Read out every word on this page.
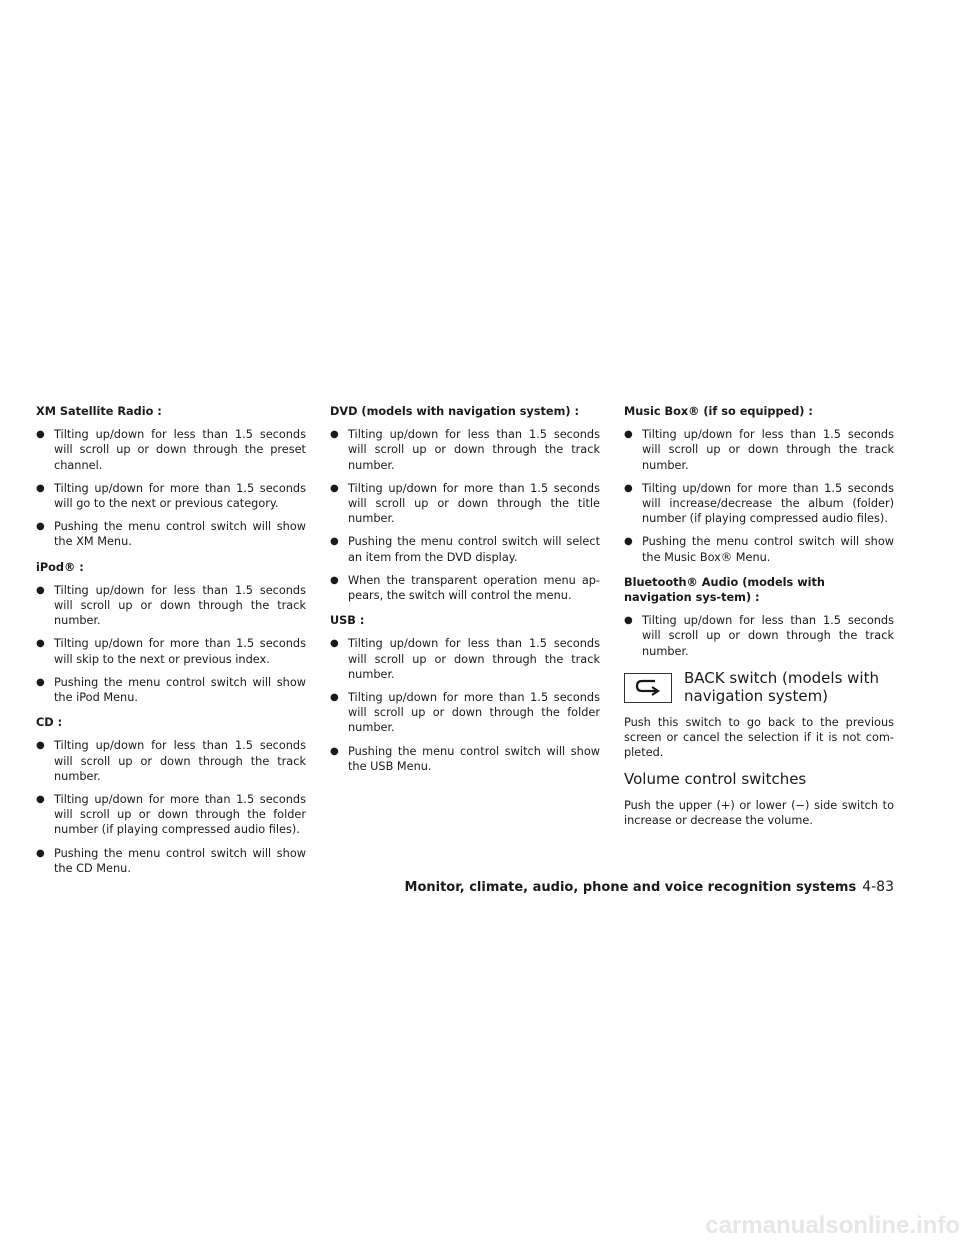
XM Satellite Radio :
● Tilting up/down for less than 1.5 seconds will scroll up or down through the preset channel.
● Tilting up/down for more than 1.5 seconds will go to the next or previous category.
● Pushing the menu control switch will show the XM Menu.
iPod® :
● Tilting up/down for less than 1.5 seconds will scroll up or down through the track number.
● Tilting up/down for more than 1.5 seconds will skip to the next or previous index.
● Pushing the menu control switch will show the iPod Menu.
CD :
● Tilting up/down for less than 1.5 seconds will scroll up or down through the track number.
● Tilting up/down for more than 1.5 seconds will scroll up or down through the folder number (if playing compressed audio files).
● Pushing the menu control switch will show the CD Menu.
DVD (models with navigation system) :
● Tilting up/down for less than 1.5 seconds will scroll up or down through the track number.
● Tilting up/down for more than 1.5 seconds will scroll up or down through the title number.
● Pushing the menu control switch will select an item from the DVD display.
● When the transparent operation menu ap-pears, the switch will control the menu.
USB :
● Tilting up/down for less than 1.5 seconds will scroll up or down through the track number.
● Tilting up/down for more than 1.5 seconds will scroll up or down through the folder number.
● Pushing the menu control switch will show the USB Menu.
Music Box® (if so equipped) :
● Tilting up/down for less than 1.5 seconds will scroll up or down through the track number.
● Tilting up/down for more than 1.5 seconds will increase/decrease the album (folder) number (if playing compressed audio files).
● Pushing the menu control switch will show the Music Box® Menu.
Bluetooth® Audio (models with navigation sys-tem) :
● Tilting up/down for less than 1.5 seconds will scroll up or down through the track number.
BACK switch (models with navigation system)

Push this switch to go back to the previous screen or cancel the selection if it is not com-pleted.

Volume control switches

Push the upper (+) or lower (−) side switch to increase or decrease the volume.

Monitor, climate, audio, phone and voice recognition systems 4-83
carmanualsonline.info
